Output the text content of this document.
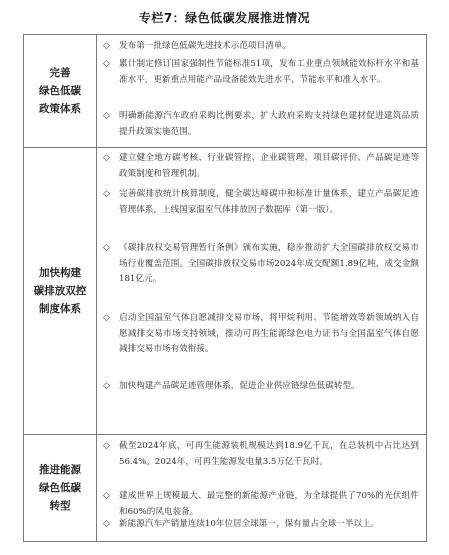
专栏7：绿色低碳发展推进情况
完善
绿色低碳
政策体系
◇ 发布第一批绿色低碳先进技术示范项目清单。
◇ 累计制定修订国家强制性节能标准51项，发布工业重点领域能效标杆水平和基准水平，更新重点用能产品设备能效先进水平、节能水平和准入水平。
◇ 明确新能源汽车政府采购比例要求，扩大政府采购支持绿色建材促进建筑品质提升政策实施范围。
加快构建
碳排放双控
制度体系
◇ 建立健全地方碳考核、行业碳管控、企业碳管理、项目碳评价、产品碳足迹等政策制度和管理机制。
◇ 完善碳排放统计核算制度，健全碳达峰碳中和标准计量体系，建立产品碳足迹管理体系，上线国家温室气体排放因子数据库（第一版）。
◇ 《碳排放权交易管理暂行条例》颁布实施，稳步推动扩大全国碳排放权交易市场行业覆盖范围。全国碳排放权交易市场2024年成交配额1.89亿吨，成交金额181亿元。
◇ 启动全国温室气体自愿减排交易市场，将甲烷利用、节能增效等新领域纳入自愿减排交易市场支持领域，推动可再生能源绿色电力证书与全国温室气体自愿减排交易市场有效衔接。
◇ 加快构建产品碳足迹管理体系，促进企业供应链绿色低碳转型。
推进能源
绿色低碳
转型
◇ 截至2024年底，可再生能源装机规模达到18.9亿千瓦，在总装机中占比达到56.4%。2024年，可再生能源发电量3.5万亿千瓦时。
◇ 建成世界上规模最大、最完整的新能源产业链，为全球提供了70%的光伏组件和60%的风电装备。
◇ 新能源汽车产销量连续10年位居全球第一，保有量占全球一半以上。
